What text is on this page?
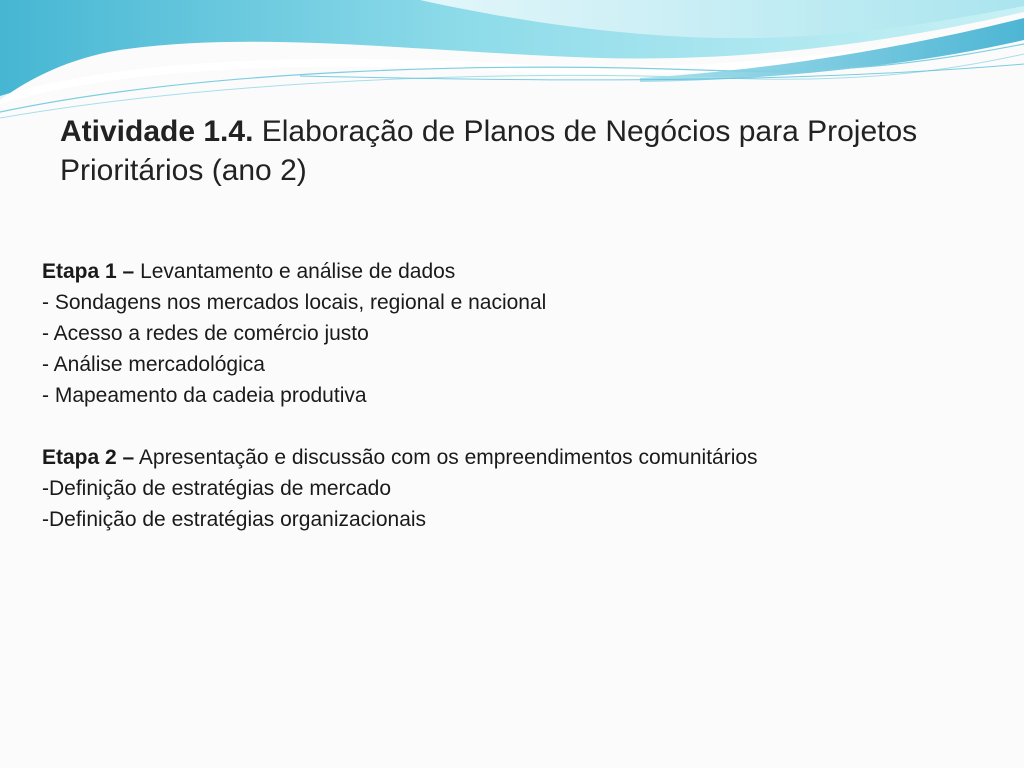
Atividade 1.4. Elaboração de Planos de Negócios para Projetos Prioritários (ano 2)
Etapa 1 – Levantamento e análise de dados
- Sondagens nos mercados locais, regional e nacional
- Acesso a redes de comércio justo
- Análise mercadológica
- Mapeamento da cadeia produtiva
Etapa 2 – Apresentação e discussão com os empreendimentos comunitários
-Definição de estratégias de mercado
-Definição de estratégias organizacionais
